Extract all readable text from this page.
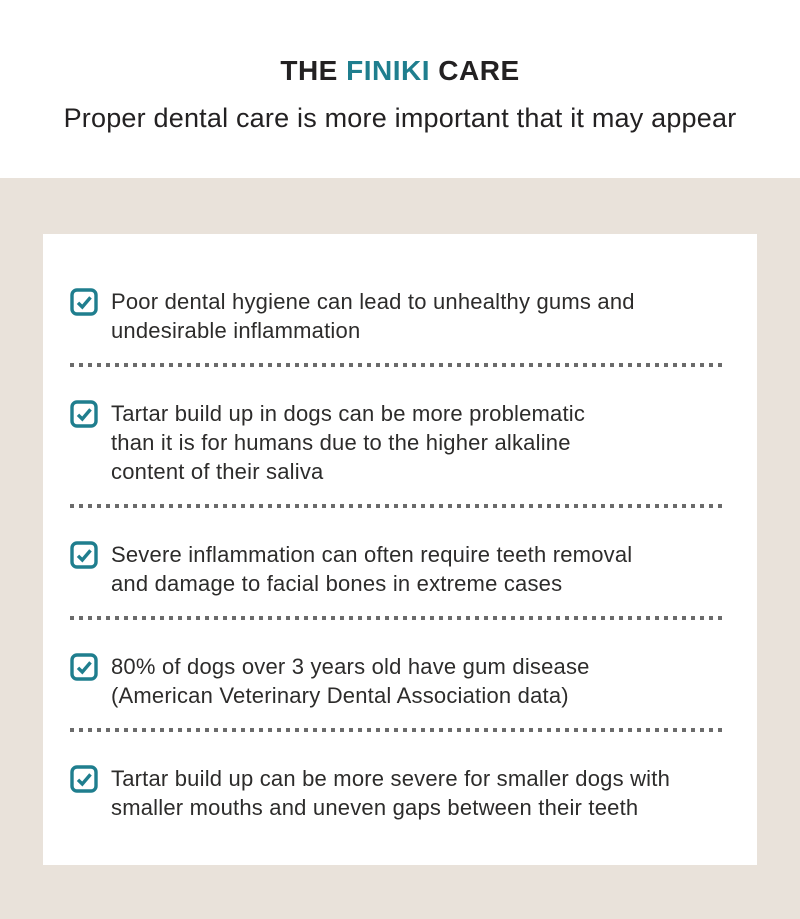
THE FINIKI CARE

Proper dental care is more important that it may appear

Poor dental hygiene can lead to unhealthy gums and
undesirable inflammation
Tartar build up in dogs can be more problematic
than it is for humans due to the higher alkaline
content of their saliva
Severe inflammation can often require teeth removal
and damage to facial bones in extreme cases
80% of dogs over 3 years old have gum disease
(American Veterinary Dental Association data)
Tartar build up can be more severe for smaller dogs with
smaller mouths and uneven gaps between their teeth
